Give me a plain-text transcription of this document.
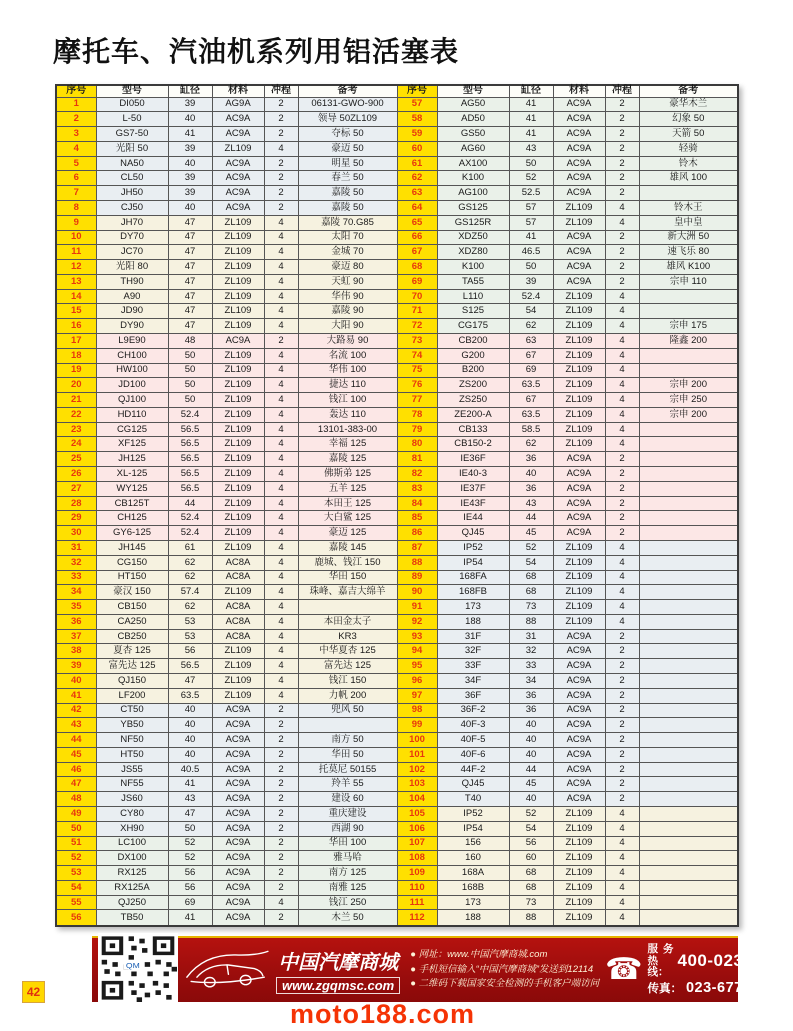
摩托车、汽油机系列用铝活塞表
序号	型号	缸径	材料	冲程	备考	序号	型号	缸径	材料	冲程	备考
1	DI050	39	AG9A	2	06131-GWO-900	57	AG50	41	AC9A	2	豪华木兰
2	L-50	40	AC9A	2	领导 50ZL109	58	AD50	41	AC9A	2	幻象 50
3	GS7-50	41	AC9A	2	夺标 50	59	GS50	41	AC9A	2	天箭 50
4	光阳 50	39	ZL109	4	豪迈 50	60	AG60	43	AC9A	2	轻骑
5	NA50	40	AC9A	2	明星 50	61	AX100	50	AC9A	2	铃木
6	CL50	39	AC9A	2	春兰 50	62	K100	52	AC9A	2	雄风 100
7	JH50	39	AC9A	2	嘉陵 50	63	AG100	52.5	AC9A	2	
8	CJ50	40	AC9A	2	嘉陵 50	64	GS125	57	ZL109	4	铃木王
9	JH70	47	ZL109	4	嘉陵 70.G85	65	GS125R	57	ZL109	4	皇中皇
10	DY70	47	ZL109	4	太阳 70	66	XDZ50	41	AC9A	2	新大洲 50
11	JC70	47	ZL109	4	金城 70	67	XDZ80	46.5	AC9A	2	速飞乐 80
12	光阳 80	47	ZL109	4	豪迈 80	68	K100	50	AC9A	2	雄风 K100
13	TH90	47	ZL109	4	天虹 90	69	TA55	39	AC9A	2	宗申 110
14	A90	47	ZL109	4	华伟 90	70	L110	52.4	ZL109	4	
15	JD90	47	ZL109	4	嘉陵 90	71	S125	54	ZL109	4	
16	DY90	47	ZL109	4	大阳 90	72	CG175	62	ZL109	4	宗申 175
17	L9E90	48	AC9A	2	大路易 90	73	CB200	63	ZL109	4	隆鑫 200
18	CH100	50	ZL109	4	名流 100	74	G200	67	ZL109	4	
19	HW100	50	ZL109	4	华伟 100	75	B200	69	ZL109	4	
20	JD100	50	ZL109	4	捷达 110	76	ZS200	63.5	ZL109	4	宗申 200
21	QJ100	50	ZL109	4	钱江 100	77	ZS250	67	ZL109	4	宗申 250
22	HD110	52.4	ZL109	4	轰达 110	78	ZE200-A	63.5	ZL109	4	宗申 200
23	CG125	56.5	ZL109	4	13101-383-00	79	CB133	58.5	ZL109	4	
24	XF125	56.5	ZL109	4	幸福 125	80	CB150-2	62	ZL109	4	
25	JH125	56.5	ZL109	4	嘉陵 125	81	IE36F	36	AC9A	2	
26	XL-125	56.5	ZL109	4	佛斯弟 125	82	IE40-3	40	AC9A	2	
27	WY125	56.5	ZL109	4	五羊 125	83	IE37F	36	AC9A	2	
28	CB125T	44	ZL109	4	本田王 125	84	IE43F	43	AC9A	2	
29	CH125	52.4	ZL109	4	大白鲨 125	85	IE44	44	AC9A	2	
30	GY6-125	52.4	ZL109	4	豪迈 125	86	QJ45	45	AC9A	2	
31	JH145	61	ZL109	4	嘉陵 145	87	IP52	52	ZL109	4	
32	CG150	62	AC8A	4	鹿城、钱江 150	88	IP54	54	ZL109	4	
33	HT150	62	AC8A	4	华田 150	89	168FA	68	ZL109	4	
34	豪汉 150	57.4	ZL109	4	珠峰、嘉吉大绵羊	90	168FB	68	ZL109	4	
35	CB150	62	AC8A	4		91	173	73	ZL109	4	
36	CA250	53	AC8A	4	本田金太子	92	188	88	ZL109	4	
37	CB250	53	AC8A	4	KR3	93	31F	31	AC9A	2	
38	夏杏 125	56	ZL109	4	中华夏杏 125	94	32F	32	AC9A	2	
39	富先达 125	56.5	ZL109	4	富先达 125	95	33F	33	AC9A	2	
40	QJ150	47	ZL109	4	钱江 150	96	34F	34	AC9A	2	
41	LF200	63.5	ZL109	4	力帆 200	97	36F	36	AC9A	2	
42	CT50	40	AC9A	2	兜风 50	98	36F-2	36	AC9A	2	
43	YB50	40	AC9A	2		99	40F-3	40	AC9A	2	
44	NF50	40	AC9A	2	南方 50	100	40F-5	40	AC9A	2	
45	HT50	40	AC9A	2	华田 50	101	40F-6	40	AC9A	2	
46	JS55	40.5	AC9A	2	托莫尼 50155	102	44F-2	44	AC9A	2	
47	NF55	41	AC9A	2	羚羊 55	103	QJ45	45	AC9A	2	
48	JS60	43	AC9A	2	建设 60	104	T40	40	AC9A	2	
49	CY80	47	AC9A	2	重庆建设	105	IP52	52	ZL109	4	
50	XH90	50	AC9A	2	西湖 90	106	IP54	54	ZL109	4	
51	LC100	52	AC9A	2	华田 100	107	156	56	ZL109	4	
52	DX100	52	AC9A	2	雅马哈	108	160	60	ZL109	4	
53	RX125	56	AC9A	2	南方 125	109	168A	68	ZL109	4	
54	RX125A	56	AC9A	2	南雅 125	110	168B	68	ZL109	4	
55	QJ250	69	AC9A	4	钱江 250	111	173	73	ZL109	4	
56	TB50	41	AC9A	2	木兰 50	112	188	88	ZL109	4	
中国汽摩商城
www.zgqmsc.com
● 网址：www.中国汽摩商城.com
● 手机短信输入“中国汽摩商城”发送到12114
● 二维码下载国家安全检测的手机客户端访问 ☎
服务热线：
400-023-5959
传真： 023-67731065
QM
42
moto188.com
